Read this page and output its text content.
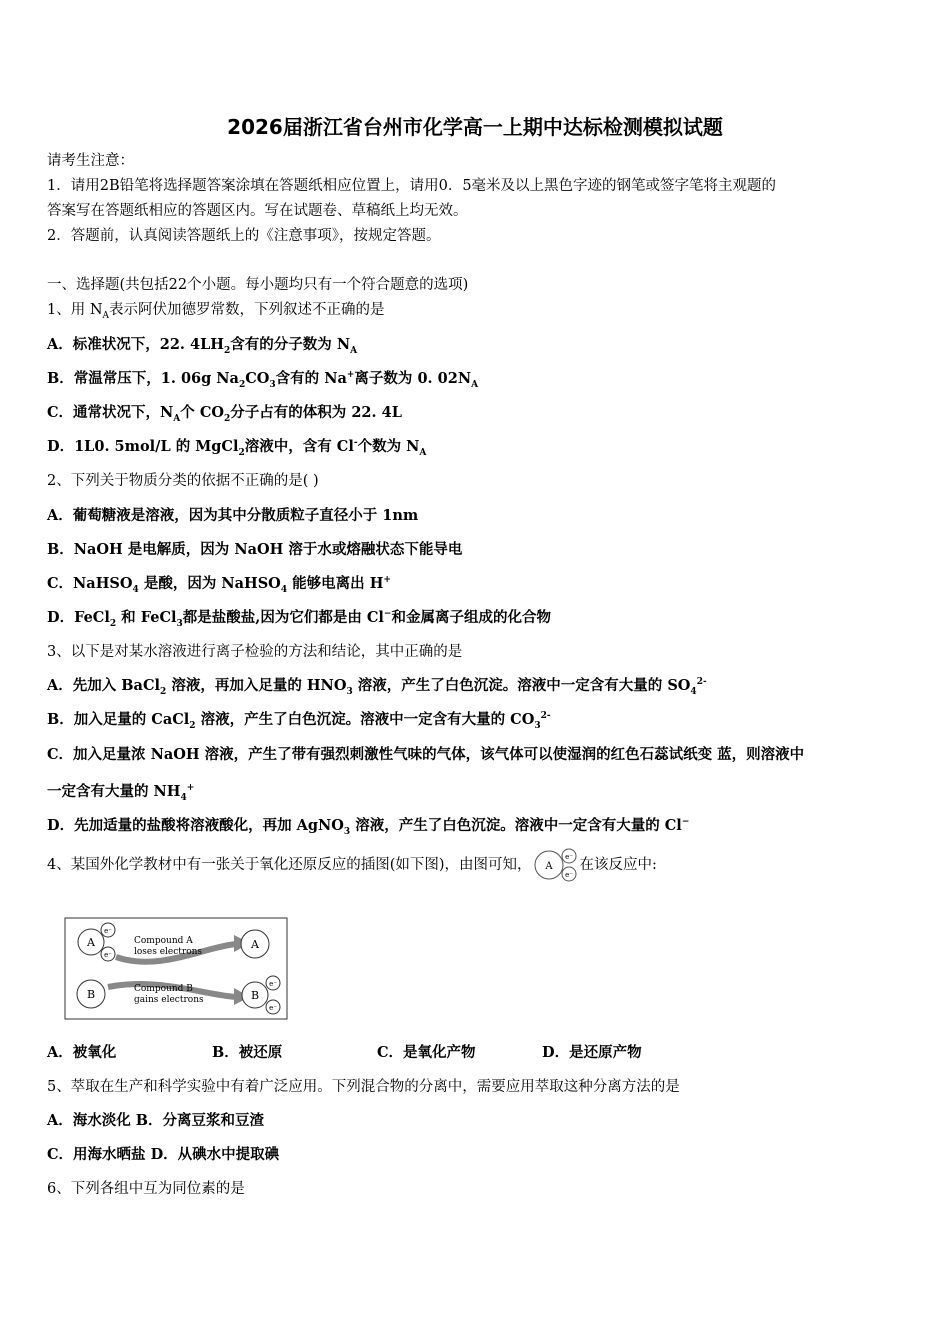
2026届浙江省台州市化学高一上期中达标检测模拟试题
请考生注意：
1．请用2B铅笔将选择题答案涂填在答题纸相应位置上，请用0．5毫米及以上黑色字迹的钢笔或签字笔将主观题的
答案写在答题纸相应的答题区内。写在试题卷、草稿纸上均无效。
2．答题前，认真阅读答题纸上的《注意事项》，按规定答题。
一、选择题(共包括22个小题。每小题均只有一个符合题意的选项)
1、用 $N_A$表示阿伏加德罗常数，下列叙述不正确的是
A．标准状况下，22. $4LH_2$含有的分子数为 $N_A$
B．常温常压下，1. 06g $Na_2CO_3$含有的 Na+离子数为 0. $02N_A$
C．通常状况下，$N_A$个 $CO_2$分子占有的体积为 22. 4L
D．1L0. 5mol/L 的 MgCl$_2$溶液中，含有 Cl-个数为 $N_A$
2、下列关于物质分类的依据不正确的是( )
A．葡萄糖液是溶液，因为其中分散质粒子直径小于 1nm
B．NaOH 是电解质，因为 NaOH 溶于水或熔融状态下能导电
C．NaHSO$_4$ 是酸，因为 NaHSO$_4$ 能够电离出 H+
D．FeCl$_2$ 和 FeCl$_3$都是盐酸盐,因为它们都是由 Cl−和金属离子组成的化合物
3、以下是对某水溶液进行离子检验的方法和结论，其中正确的是
A．先加入 BaCl$_2$ 溶液，再加入足量的 $HNO_3$ 溶液，产生了白色沉淀。溶液中一定含有大量的 $SO_4^{2-}$
B．加入足量的 CaCl$_2$ 溶液，产生了白色沉淀。溶液中一定含有大量的 $CO_3^{2-}$
C．加入足量浓 NaOH 溶液，产生了带有强烈刺激性气味的气体，该气体可以使湿润的红色石蕊试纸变 蓝，则溶液中
一定含有大量的 $NH_4^+$
D．先加适量的盐酸将溶液酸化，再加 AgNO$_3$ 溶液，产生了白色沉淀。溶液中一定含有大量的 Cl−
4、某国外化学教材中有一张关于氧化还原反应的插图(如下图)，由图可知， A
e⁻
e⁻
在该反应中:
A
e⁻
e⁻
B
Compound A
loses electrons
Compound B
gains electrons
A
B
e⁻
e⁻
A．被氧化	B．被还原	C．是氧化产物	D．是还原产物
5、萃取在生产和科学实验中有着广泛应用。下列混合物的分离中，需要应用萃取这种分离方法的是
A．海水淡化 B．分离豆浆和豆渣
C．用海水晒盐 D．从碘水中提取碘
6、下列各组中互为同位素的是
